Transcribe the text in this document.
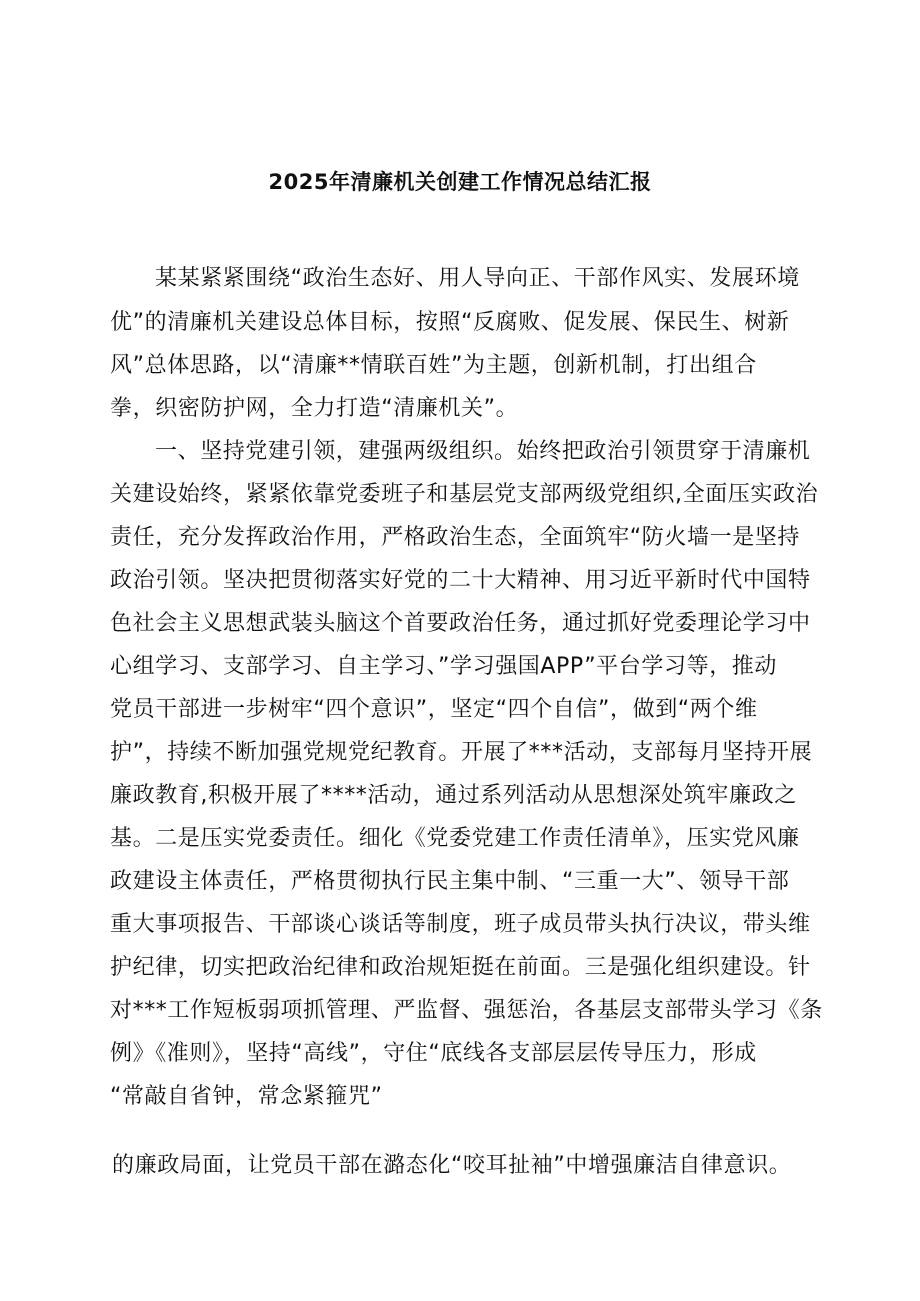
2025年清廉机关创建工作情况总结汇报
某某紧紧围绕“政治生态好、用人导向正、干部作风实、发展环境
优”的清廉机关建设总体目标，按照“反腐败、促发展、保民生、树新
风”总体思路，以“清廉**情联百姓”为主题，创新机制，打出组合
拳，织密防护网，全力打造“清廉机关”。
一、坚持党建引领，建强两级组织。始终把政治引领贯穿于清廉机
关建设始终，紧紧依靠党委班子和基层党支部两级党组织,全面压实政治
责任，充分发挥政治作用，严格政治生态，全面筑牢“防火墙一是坚持
政治引领。坚决把贯彻落实好党的二十大精神、用习近平新时代中国特
色社会主义思想武装头脑这个首要政治任务，通过抓好党委理论学习中
心组学习、支部学习、自主学习、”学习强国APP”平台学习等，推动
党员干部进一步树牢“四个意识”，坚定“四个自信”，做到“两个维
护”，持续不断加强党规党纪教育。开展了***活动，支部每月坚持开展
廉政教育,积极开展了****活动，通过系列活动从思想深处筑牢廉政之
基。二是压实党委责任。细化《党委党建工作责任清单》，压实党风廉
政建设主体责任，严格贯彻执行民主集中制、“三重一大”、领导干部
重大事项报告、干部谈心谈话等制度，班子成员带头执行决议，带头维
护纪律，切实把政治纪律和政治规矩挺在前面。三是强化组织建设。针
对***工作短板弱项抓管理、严监督、强惩治，各基层支部带头学习《条
例》《准则》，坚持“高线”，守住“底线各支部层层传导压力，形成
“常敲自省钟，常念紧箍咒”
的廉政局面，让党员干部在潞态化“咬耳扯袖”中增强廉洁自律意识。
